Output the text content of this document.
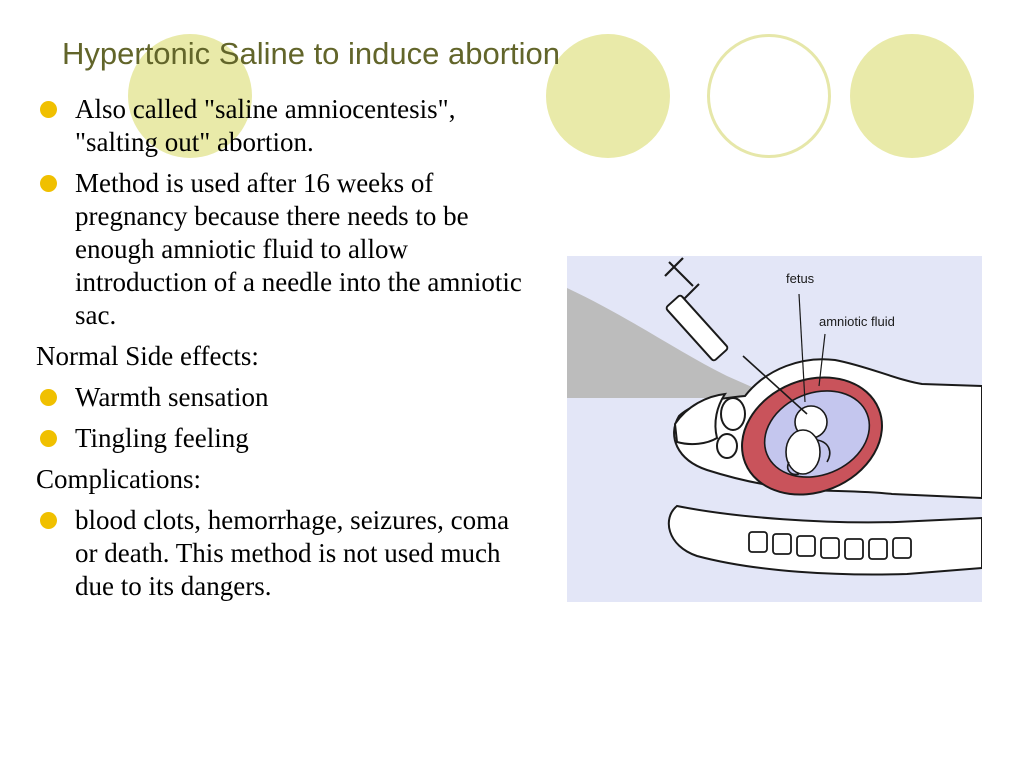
Hypertonic Saline to induce abortion
Also called "saline amniocentesis", "salting out" abortion.
Method is used after 16 weeks of pregnancy because there needs to be enough amniotic fluid to allow introduction of a needle into the amniotic sac.
Normal Side effects:
Warmth sensation
Tingling feeling
Complications:
blood clots, hemorrhage, seizures, coma or death. This method is not used much due to its dangers.
fetus
amniotic fluid
